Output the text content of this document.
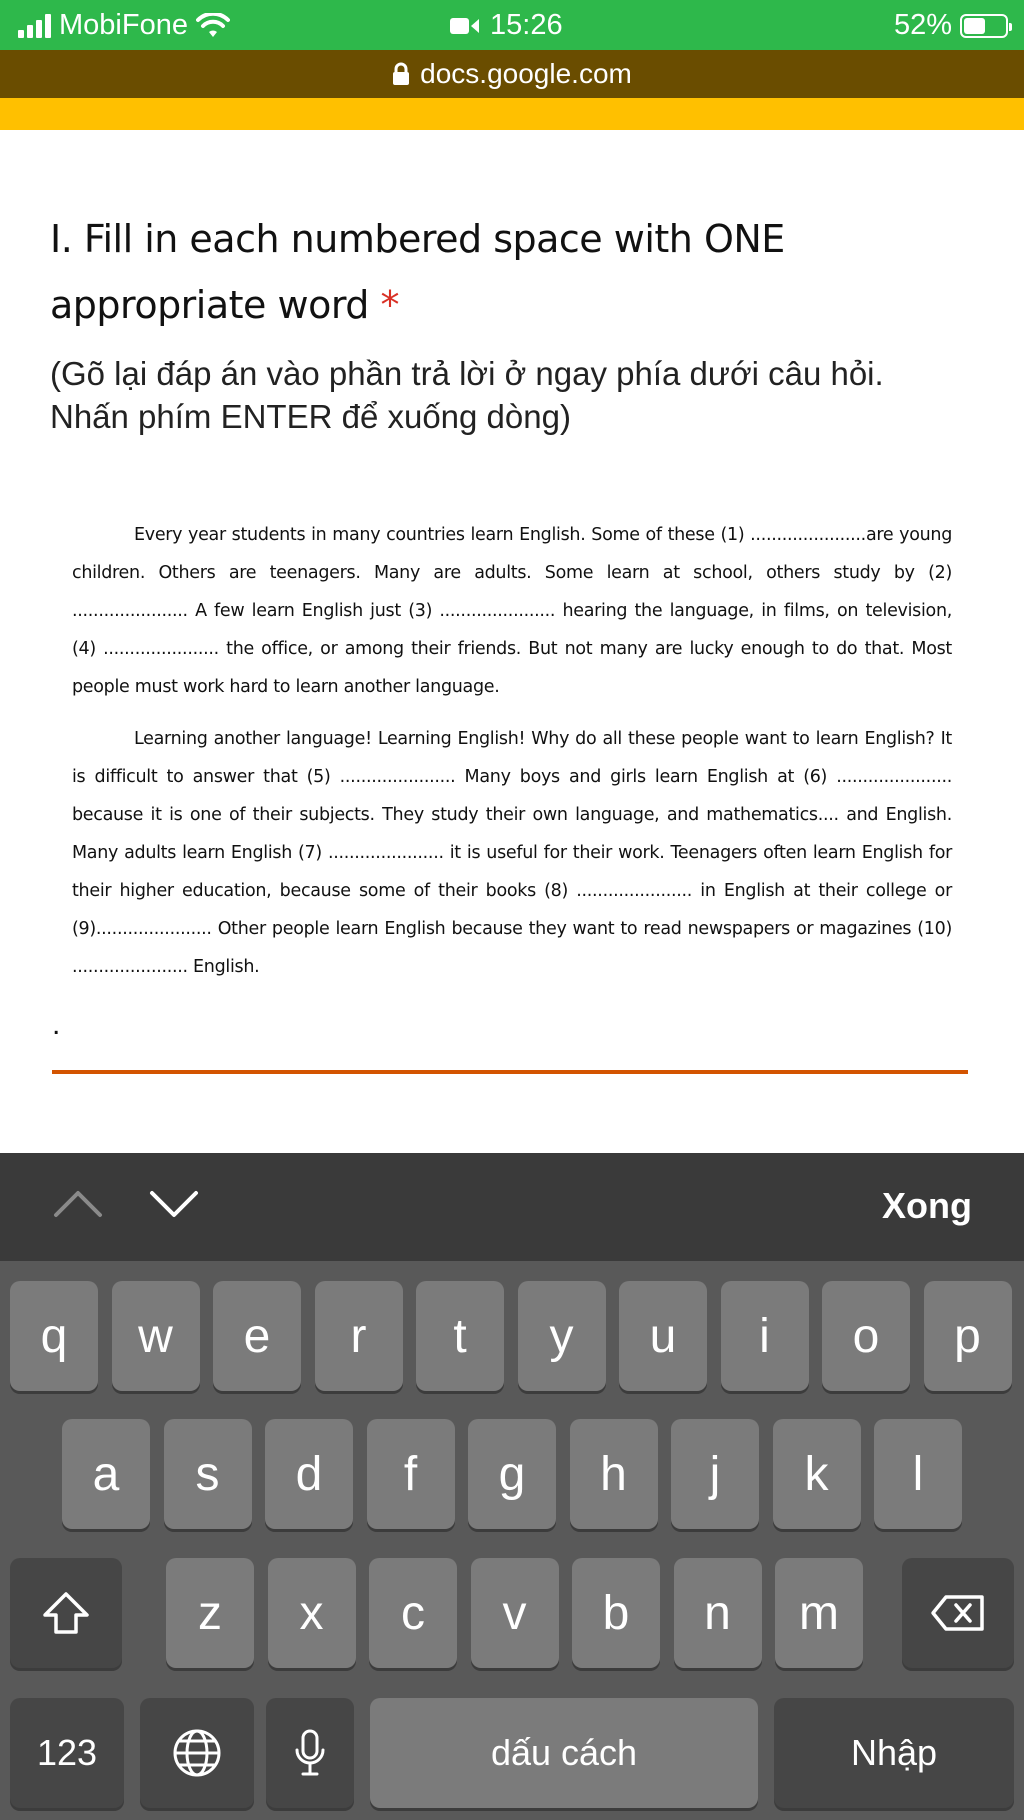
MobiFone	15:26	52%
docs.google.com
I. Fill in each numbered space with ONE appropriate word *
(Gõ lại đáp án vào phần trả lời ở ngay phía dưới câu hỏi.
Nhấn phím ENTER để xuống dòng)

Every year students in many countries learn English. Some of these (1) ......................are young children. Others are teenagers. Many are adults. Some learn at school, others study by (2) ...................... A few learn English just (3) ...................... hearing the language, in films, on television, (4) ...................... the office, or among their friends. But not many are lucky enough to do that. Most people must work hard to learn another language.

Learning another language! Learning English! Why do all these people want to learn English? It is difficult to answer that (5) ...................... Many boys and girls learn English at (6) ...................... because it is one of their subjects. They study their own language, and mathematics.... and English. Many adults learn English (7) ...................... it is useful for their work. Teenagers often learn English for their higher education, because some of their books (8) ...................... in English at their college or (9)...................... Other people learn English because they want to read newspapers or magazines (10) ...................... English.

.
Xong
q	w	e	r	t	y	u	i	o	p
a	s	d	f	g	h	j	k	l
z	x	c	v	b	n	m
123	dấu cách	Nhập
